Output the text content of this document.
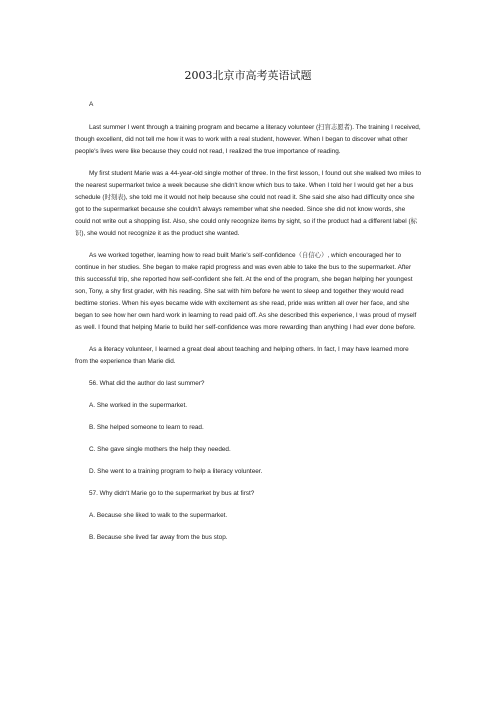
2003北京市高考英语试题
A

Last summer I went through a training program and became a literacy volunteer (扫盲志愿者). The training I received, though excellent, did not tell me how it was to work with a real student, however. When I began to discover what other people's lives were like because they could not read, I realized the true importance of reading.

My first student Marie was a 44-year-old single mother of three. In the first lesson, I found out she walked two miles to the nearest supermarket twice a week because she didn't know which bus to take. When I told her I would get her a bus schedule (时刻表), she told me it would not help because she could not read it. She said she also had difficulty once she got to the supermarket because she couldn't always remember what she needed. Since she did not know words, she could not write out a shopping list. Also, she could only recognize items by sight, so if the product had a different label (标识), she would not recognize it as the product she wanted.

As we worked together, learning how to read built Marie's self-confidence（自信心）, which encouraged her to continue in her studies. She began to make rapid progress and was even able to take the bus to the supermarket. After this successful trip, she reported how self-confident she felt. At the end of the program, she began helping her youngest son, Tony, a shy first grader, with his reading. She sat with him before he went to sleep and together they would read bedtime stories. When his eyes became wide with excitement as she read, pride was written all over her face, and she began to see how her own hard work in learning to read paid off. As she described this experience, I was proud of myself as well. I found that helping Marie to build her self-confidence was more rewarding than anything I had ever done before.

As a literacy volunteer, I learned a great deal about teaching and helping others. In fact, I may have learned more from the experience than Marie did.

56. What did the author do last summer?
A. She worked in the supermarket.
B. She helped someone to learn to read.
C. She gave single mothers the help they needed.
D. She went to a training program to help a literacy volunteer.
57. Why didn't Marie go to the supermarket by bus at first?
A. Because she liked to walk to the supermarket.
B. Because she lived far away from the bus stop.
